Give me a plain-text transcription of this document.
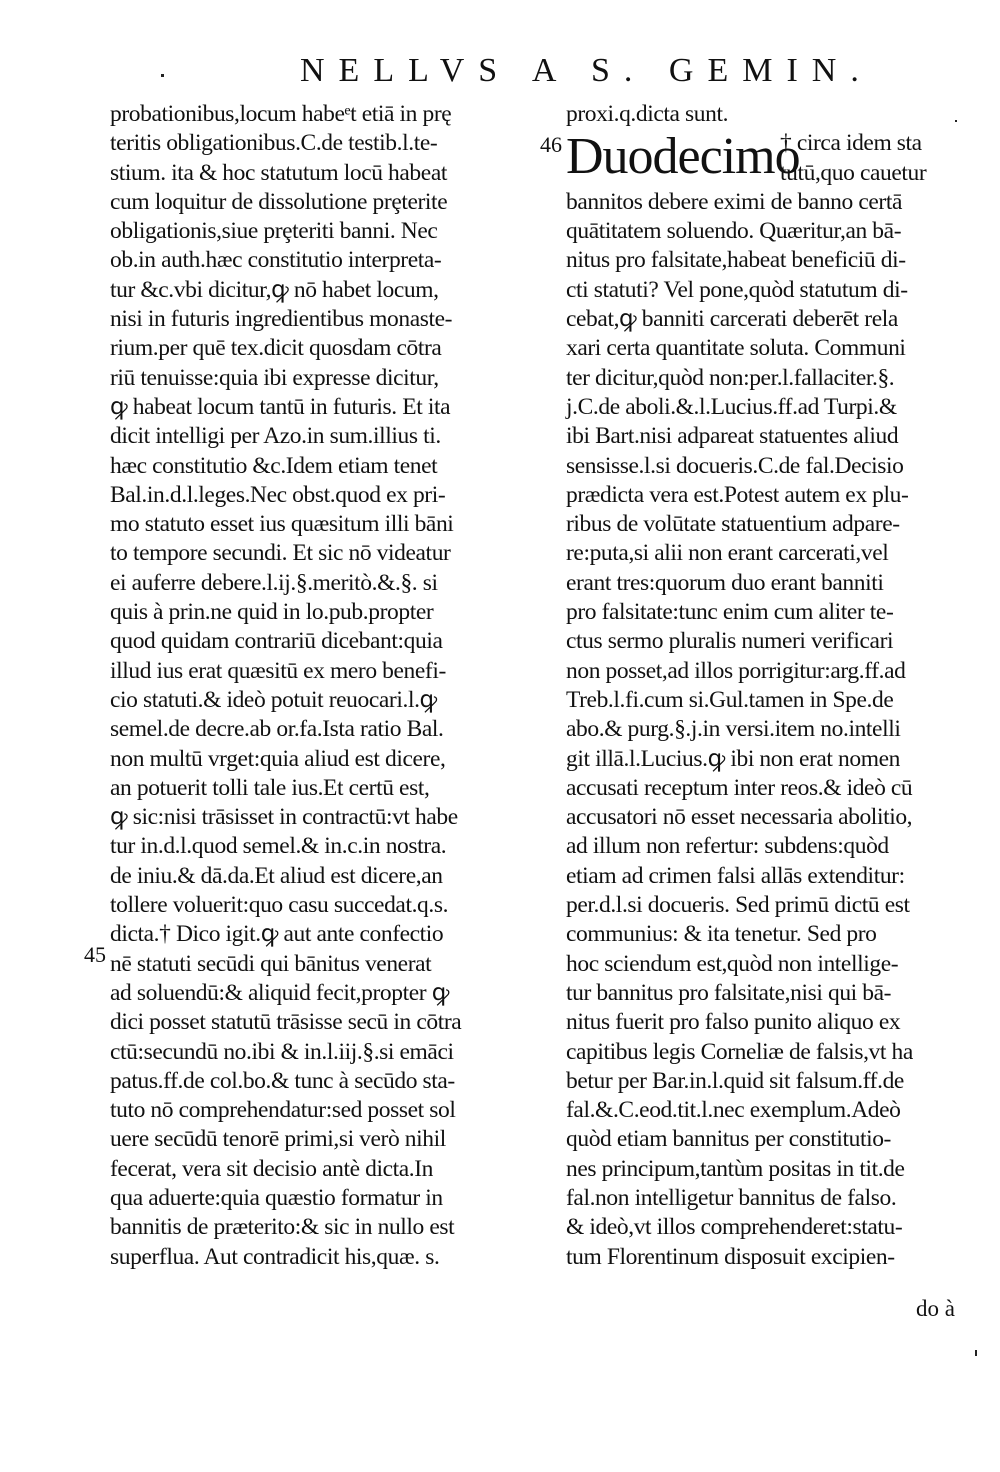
NELLVS A S. GEMIN.
46
45
probationibus,locum habeᵉt etiā in prę
teritis obligationibus.C.de testib.l.te-
stium. ita & hoc statutum locū habeat
cum loquitur de dissolutione prȩterite
obligationis,siue prȩteriti banni. Nec
ob.in auth.hæc constitutio interpreta-
tur &c.vbi dicitur,ꝙ nō habet locum,
nisi in futuris ingredientibus monaste-
rium.per quē tex.dicit quosdam cōtra
riū tenuisse:quia ibi expresse dicitur,
ꝙ habeat locum tantū in futuris. Et ita
dicit intelligi per Azo.in sum.illius ti.
hæc constitutio &c.Idem etiam tenet
Bal.in.d.l.leges.Nec obst.quod ex pri-
mo statuto esset ius quæsitum illi bāni
to tempore secundi. Et sic nō videatur
ei auferre debere.l.ij.§.meritò.&.§. si
quis à prin.ne quid in lo.pub.propter
quod quidam contrariū dicebant:quia
illud ius erat quæsitū ex mero benefi-
cio statuti.& ideò potuit reuocari.l.ꝙ
semel.de decre.ab or.fa.Ista ratio Bal.
non multū vrget:quia aliud est dicere,
an potuerit tolli tale ius.Et certū est,
ꝙ sic:nisi trāsisset in contractū:vt habe
tur in.d.l.quod semel.& in.c.in nostra.
de iniu.& dā.da.Et aliud est dicere,an
tollere voluerit:quo casu succedat.q.s.
dicta.† Dico igit.ꝙ aut ante confectio
nē statuti secūdi qui bānitus venerat
ad soluendū:& aliquid fecit,propter ꝙ
dici posset statutū trāsisse secū in cōtra
ctū:secundū no.ibi & in.l.iij.§.si emāci
patus.ff.de col.bo.& tunc à secūdo sta-
tuto nō comprehendatur:sed posset sol
uere secūdū tenorē primi,si verò nihil
fecerat, vera sit decisio antè dicta.In
qua aduerte:quia quæstio formatur in
bannitis de præterito:& sic in nullo est
superflua. Aut contradicit his,quæ. s.
proxi.q.dicta sunt.
Duodecimo
† circa idem sta
tutū,quo cauetur
bannitos debere eximi de banno certā
quātitatem soluendo. Quæritur,an bā-
nitus pro falsitate,habeat beneficiū di-
cti statuti? Vel pone,quòd statutum di-
cebat,ꝙ banniti carcerati deberēt rela
xari certa quantitate soluta. Communi
ter dicitur,quòd non:per.l.fallaciter.§.
j.C.de aboli.&.l.Lucius.ff.ad Turpi.&
ibi Bart.nisi adpareat statuentes aliud
sensisse.l.si docueris.C.de fal.Decisio
prædicta vera est.Potest autem ex plu-
ribus de volūtate statuentium adpare-
re:puta,si alii non erant carcerati,vel
erant tres:quorum duo erant banniti
pro falsitate:tunc enim cum aliter te-
ctus sermo pluralis numeri verificari
non posset,ad illos porrigitur:arg.ff.ad
Treb.l.fi.cum si.Gul.tamen in Spe.de
abo.& purg.§.j.in versi.item no.intelli
git illā.l.Lucius.ꝙ ibi non erat nomen
accusati receptum inter reos.& ideò cū
accusatori nō esset necessaria abolitio,
ad illum non refertur: subdens:quòd
etiam ad crimen falsi allās extenditur:
per.d.l.si docueris. Sed primū dictū est
communius: & ita tenetur. Sed pro
hoc sciendum est,quòd non intellige-
tur bannitus pro falsitate,nisi qui bā-
nitus fuerit pro falso punito aliquo ex
capitibus legis Corneliæ de falsis,vt ha
betur per Bar.in.l.quid sit falsum.ff.de
fal.&.C.eod.tit.l.nec exemplum.Adeò
quòd etiam bannitus per constitutio-
nes principum,tantùm positas in tit.de
fal.non intelligetur bannitus de falso.
& ideò,vt illos comprehenderet:statu-
tum Florentinum disposuit excipien-
do à
